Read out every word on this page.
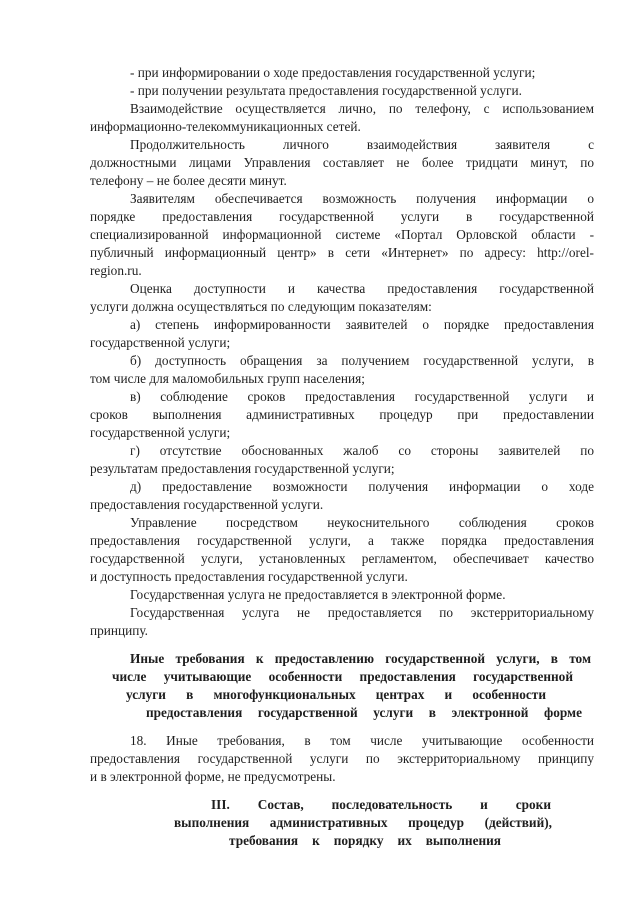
- при информировании о ходе предоставления государственной услуги;
- при получении результата предоставления государственной услуги.
Взаимодействие осуществляется лично, по телефону, с использованием
информационно-телекоммуникационных сетей.
Продолжительность личного взаимодействия заявителя с
должностными лицами Управления составляет не более тридцати минут, по
телефону – не более десяти минут.
Заявителям обеспечивается возможность получения информации о
порядке предоставления государственной услуги в государственной
специализированной информационной системе «Портал Орловской области -
публичный информационный центр» в сети «Интернет» по адресу: http://orel-
region.ru.
Оценка доступности и качества предоставления государственной
услуги должна осуществляться по следующим показателям:
а) степень информированности заявителей о порядке предоставления
государственной услуги;
б) доступность обращения за получением государственной услуги, в
том числе для маломобильных групп населения;
в) соблюдение сроков предоставления государственной услуги и
сроков выполнения административных процедур при предоставлении
государственной услуги;
г) отсутствие обоснованных жалоб со стороны заявителей по
результатам предоставления государственной услуги;
д) предоставление возможности получения информации о ходе
предоставления государственной услуги.
Управление посредством неукоснительного соблюдения сроков
предоставления государственной услуги, а также порядка предоставления
государственной услуги, установленных регламентом, обеспечивает качество
и доступность предоставления государственной услуги.
Государственная услуга не предоставляется в электронной форме.
Государственная услуга не предоставляется по экстерриториальному
принципу.
Иные требования к предоставлению государственной услуги, в том
числе учитывающие особенности предоставления государственной
услуги в многофункциональных центрах и особенности
предоставления государственной услуги в электронной форме
18. Иные требования, в том числе учитывающие особенности
предоставления государственной услуги по экстерриториальному принципу
и в электронной форме, не предусмотрены.
III. Состав, последовательность и сроки
выполнения административных процедур (действий),
требования к порядку их выполнения
